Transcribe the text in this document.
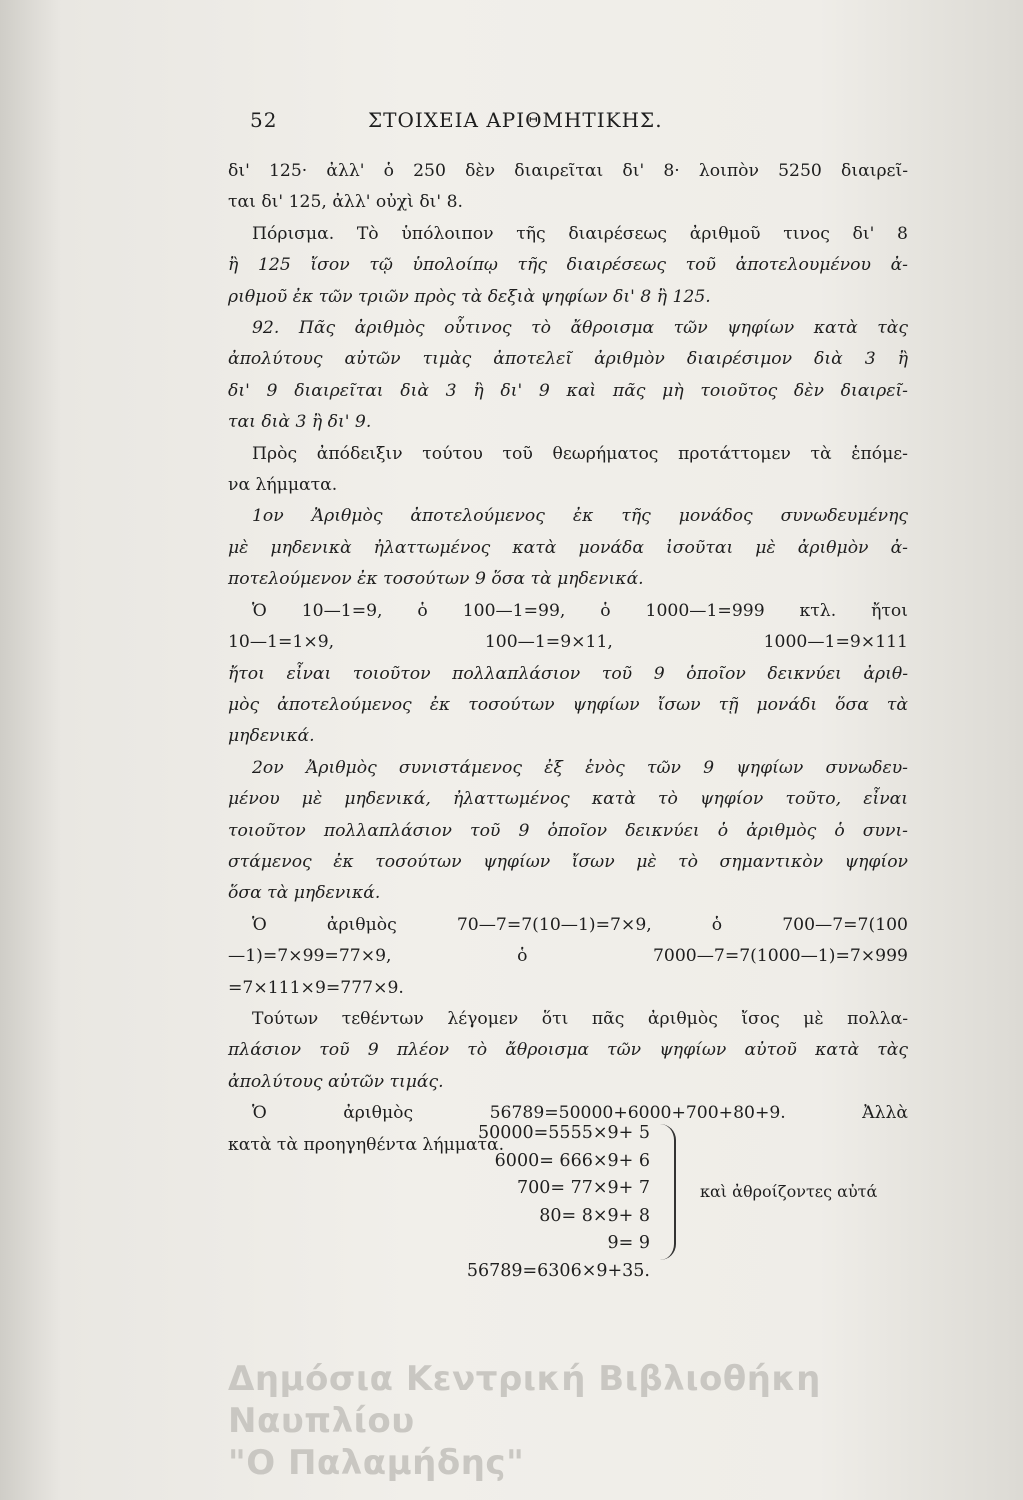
52	ΣΤΟΙΧΕΙΑ ΑΡΙΘΜΗΤΙΚΗΣ.
δι' 125· ἀλλ' ὁ 250 δὲν διαιρεῖται δι' 8· λοιπὸν 5250 διαιρεῖ-
ται δι' 125, ἀλλ' οὐχὶ δι' 8.
Πόρισμα. Τὸ ὑπόλοιπον τῆς διαιρέσεως ἀριθμοῦ τινος δι' 8
ἢ 125 ἴσον τῷ ὑπολοίπῳ τῆς διαιρέσεως τοῦ ἀποτελουμένου ἀ-
ριθμοῦ ἐκ τῶν τριῶν πρὸς τὰ δεξιὰ ψηφίων δι' 8 ἢ 125.
92. Πᾶς ἀριθμὸς οὗτινος τὸ ἄθροισμα τῶν ψηφίων κατὰ τὰς
ἀπολύτους αὐτῶν τιμὰς ἀποτελεῖ ἀριθμὸν διαιρέσιμον διὰ 3 ἢ
δι' 9 διαιρεῖται διὰ 3 ἢ δι' 9 καὶ πᾶς μὴ τοιοῦτος δὲν διαιρεῖ-
ται διὰ 3 ἢ δι' 9.
Πρὸς ἀπόδειξιν τούτου τοῦ θεωρήματος προτάττομεν τὰ ἑπόμε-
να λήμματα.
1ον Ἀριθμὸς ἀποτελούμενος ἐκ τῆς μονάδος συνωδευμένης
μὲ μηδενικὰ ἠλαττωμένος κατὰ μονάδα ἰσοῦται μὲ ἀριθμὸν ἀ-
ποτελούμενον ἐκ τοσούτων 9 ὅσα τὰ μηδενικά.
Ὁ 10—1=9, ὁ 100—1=99, ὁ 1000—1=999 κτλ. ἤτοι
10—1=1×9, 100—1=9×11, 1000—1=9×111
ἤτοι εἶναι τοιοῦτον πολλαπλάσιον τοῦ 9 ὁποῖον δεικνύει ἀριθ-
μὸς ἀποτελούμενος ἐκ τοσούτων ψηφίων ἴσων τῇ μονάδι ὅσα τὰ
μηδενικά.
2ον Ἀριθμὸς συνιστάμενος ἐξ ἑνὸς τῶν 9 ψηφίων συνωδευ-
μένου μὲ μηδενικά, ἠλαττωμένος κατὰ τὸ ψηφίον τοῦτο, εἶναι
τοιοῦτον πολλαπλάσιον τοῦ 9 ὁποῖον δεικνύει ὁ ἀριθμὸς ὁ συνι-
στάμενος ἐκ τοσούτων ψηφίων ἴσων μὲ τὸ σημαντικὸν ψηφίον
ὅσα τὰ μηδενικά.
Ὁ ἀριθμὸς 70—7=7(10—1)=7×9, ὁ 700—7=7(100
—1)=7×99=77×9, ὁ 7000—7=7(1000—1)=7×999
=7×111×9=777×9.
Τούτων τεθέντων λέγομεν ὅτι πᾶς ἀριθμὸς ἴσος μὲ πολλα-
πλάσιον τοῦ 9 πλέον τὸ ἄθροισμα τῶν ψηφίων αὐτοῦ κατὰ τὰς
ἀπολύτους αὐτῶν τιμάς.
Ὁ ἀριθμὸς 56789=50000+6000+700+80+9. Ἀλλὰ
κατὰ τὰ προηγηθέντα λήμματα.
50000=5555×9+ 5
6000= 666×9+ 6
700= 77×9+ 7
80= 8×9+ 8
9= 9
56789=6306×9+35.
καὶ ἀθροίζοντες αὐτά
Δημόσια Κεντρική Βιβλιοθήκη Ναυπλίου
"Ο Παλαμήδης"
